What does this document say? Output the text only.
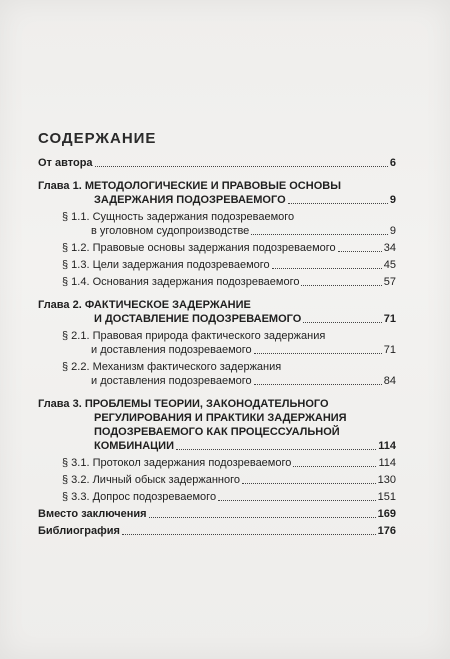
СОДЕРЖАНИЕ
От автора	6
Глава 1. МЕТОДОЛОГИЧЕСКИЕ И ПРАВОВЫЕ ОСНОВЫ
ЗАДЕРЖАНИЯ ПОДОЗРЕВАЕМОГО	9
§ 1.1. Сущность задержания подозреваемого
в уголовном судопроизводстве	9
§ 1.2. Правовые основы задержания подозреваемого	34
§ 1.3. Цели задержания подозреваемого	45
§ 1.4. Основания задержания подозреваемого	57
Глава 2. ФАКТИЧЕСКОЕ ЗАДЕРЖАНИЕ
И ДОСТАВЛЕНИЕ ПОДОЗРЕВАЕМОГО	71
§ 2.1. Правовая природа фактического задержания
и доставления подозреваемого	71
§ 2.2. Механизм фактического задержания
и доставления подозреваемого	84
Глава 3. ПРОБЛЕМЫ ТЕОРИИ, ЗАКОНОДАТЕЛЬНОГО
РЕГУЛИРОВАНИЯ И ПРАКТИКИ ЗАДЕРЖАНИЯ
ПОДОЗРЕВАЕМОГО КАК ПРОЦЕССУАЛЬНОЙ
КОМБИНАЦИИ	114
§ 3.1. Протокол задержания подозреваемого	114
§ 3.2. Личный обыск задержанного	130
§ 3.3. Допрос подозреваемого	151
Вместо заключения	169
Библиография	176
